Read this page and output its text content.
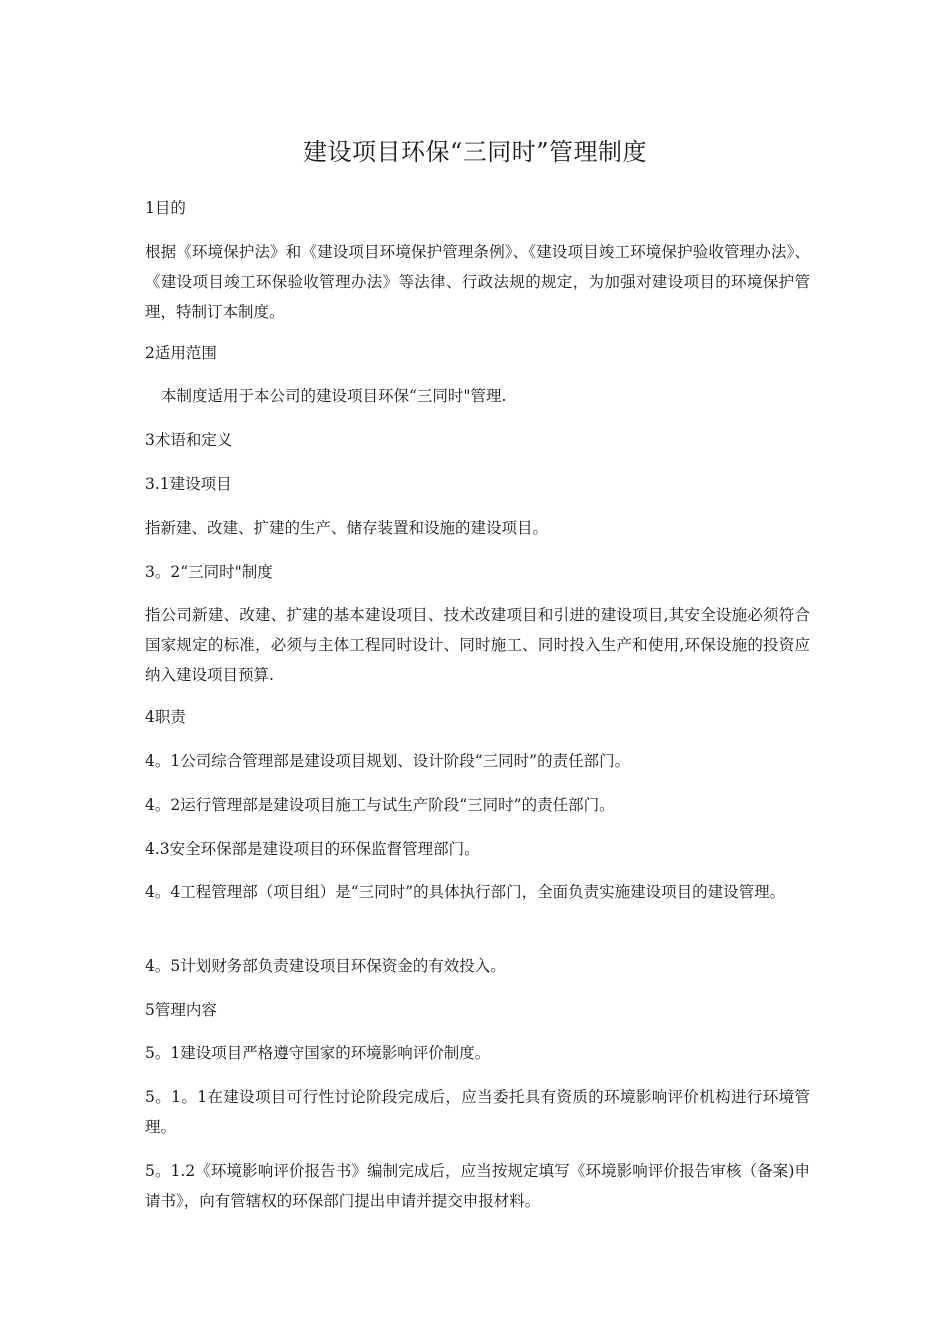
建设项目环保“三同时”管理制度
1目的
根据《环境保护法》和《建设项目环境保护管理条例》、《建设项目竣工环境保护验收管理办法》、《建设项目竣工环保验收管理办法》等法律、行政法规的规定，为加强对建设项目的环境保护管理，特制订本制度。
2适用范围
本制度适用于本公司的建设项目环保“三同时"管理.
3术语和定义
3.1建设项目
指新建、改建、扩建的生产、储存装置和设施的建设项目。
3。2“三同时"制度
指公司新建、改建、扩建的基本建设项目、技术改建项目和引进的建设项目,其安全设施必须符合国家规定的标准，必须与主体工程同时设计、同时施工、同时投入生产和使用,环保设施的投资应纳入建设项目预算.
4职责
4。1公司综合管理部是建设项目规划、设计阶段“三同时”的责任部门。
4。2运行管理部是建设项目施工与试生产阶段“三同时”的责任部门。
4.3安全环保部是建设项目的环保监督管理部门。
4。4工程管理部（项目组）是“三同时”的具体执行部门，全面负责实施建设项目的建设管理。
4。5计划财务部负责建设项目环保资金的有效投入。
5管理内容
5。1建设项目严格遵守国家的环境影响评价制度。
5。1。1在建设项目可行性讨论阶段完成后，应当委托具有资质的环境影响评价机构进行环境管理。
5。1.2《环境影响评价报告书》编制完成后，应当按规定填写《环境影响评价报告审核（备案)申请书》，向有管辖权的环保部门提出申请并提交申报材料。
